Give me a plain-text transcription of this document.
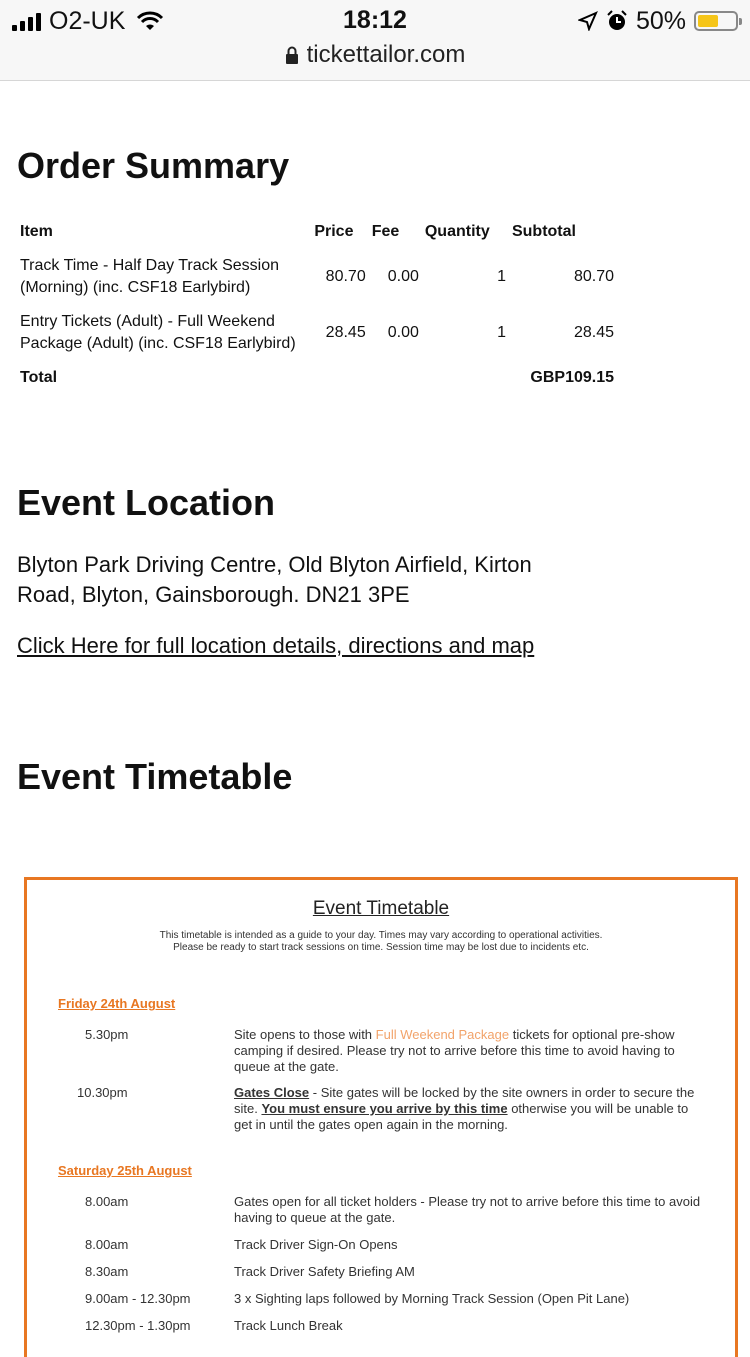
O2-UK	18:12	50%
tickettailor.com
Order Summary
Item	Price	Fee	Quantity	Subtotal
Track Time - Half Day Track Session
(Morning) (inc. CSF18 Earlybird)	80.70	0.00	1	80.70
Entry Tickets (Adult) - Full Weekend
Package (Adult) (inc. CSF18 Earlybird)	28.45	0.00	1	28.45
Total			GBP109.15	
Event Location
Blyton Park Driving Centre, Old Blyton Airfield, Kirton
Road, Blyton, Gainsborough. DN21 3PE
Click Here for full location details, directions and map
Event Timetable
Event Timetable
This timetable is intended as a guide to your day. Times may vary according to operational activities.
Please be ready to start track sessions on time. Session time may be lost due to incidents etc.
Friday 24th August
5.30pm	Site opens to those with Full Weekend Package tickets for optional pre-show camping if desired. Please try not to arrive before this time to avoid having to queue at the gate.
10.30pm	Gates Close - Site gates will be locked by the site owners in order to secure the site. You must ensure you arrive by this time otherwise you will be unable to get in until the gates open again in the morning.
Saturday 25th August
8.00am	Gates open for all ticket holders - Please try not to arrive before this time to avoid having to queue at the gate.
8.00am	Track Driver Sign-On Opens
8.30am	Track Driver Safety Briefing AM
9.00am - 12.30pm	3 x Sighting laps followed by Morning Track Session (Open Pit Lane)
12.30pm - 1.30pm	Track Lunch Break
